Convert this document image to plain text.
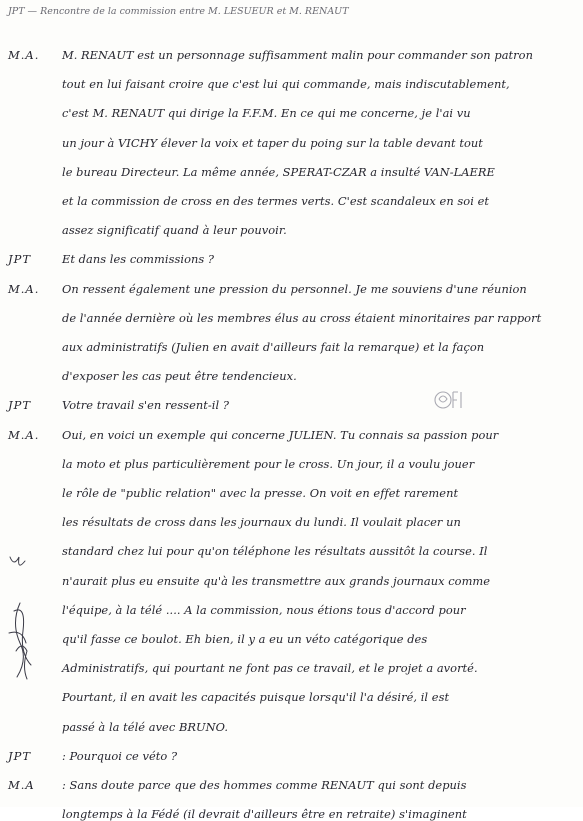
JPT — Rencontre de la commission entre M. LESUEUR et M. RENAUT
M.A. M. RENAUT est un personnage suffisamment malin pour commander son patron
tout en lui faisant croire que c'est lui qui commande, mais indiscutablement,
c'est M. RENAUT qui dirige la F.F.M. En ce qui me concerne, je l'ai vu
un jour à VICHY élever la voix et taper du poing sur la table devant tout
le bureau Directeur. La même année, SPERAT-CZAR a insulté VAN-LAERE
et la commission de cross en des termes verts. C'est scandaleux en soi et
assez significatif quand à leur pouvoir.
JPT	Et dans les commissions ?
M.A. On ressent également une pression du personnel. Je me souviens d'une réunion
de l'année dernière où les membres élus au cross étaient minoritaires par rapport
aux administratifs (Julien en avait d'ailleurs fait la remarque) et la façon
d'exposer les cas peut être tendencieux.
JPT	Votre travail s'en ressent-il ?
M.A. Oui, en voici un exemple qui concerne JULIEN. Tu connais sa passion pour
la moto et plus particulièrement pour le cross. Un jour, il a voulu jouer
le rôle de "public relation" avec la presse. On voit en effet rarement
les résultats de cross dans les journaux du lundi. Il voulait placer un
standard chez lui pour qu'on téléphone les résultats aussitôt la course. Il
n'aurait plus eu ensuite qu'à les transmettre aux grands journaux comme
l'équipe, à la télé .... A la commission, nous étions tous d'accord pour
qu'il fasse ce boulot. Eh bien, il y a eu un véto catégorique des
Administratifs, qui pourtant ne font pas ce travail, et le projet a avorté.
Pourtant, il en avait les capacités puisque lorsqu'il l'a désiré, il est
passé à la télé avec BRUNO.
JPT	: Pourquoi ce véto ?
M.A : Sans doute parce que des hommes comme RENAUT qui sont depuis
longtemps à la Fédé (il devrait d'ailleurs être en retraite) s'imaginent
